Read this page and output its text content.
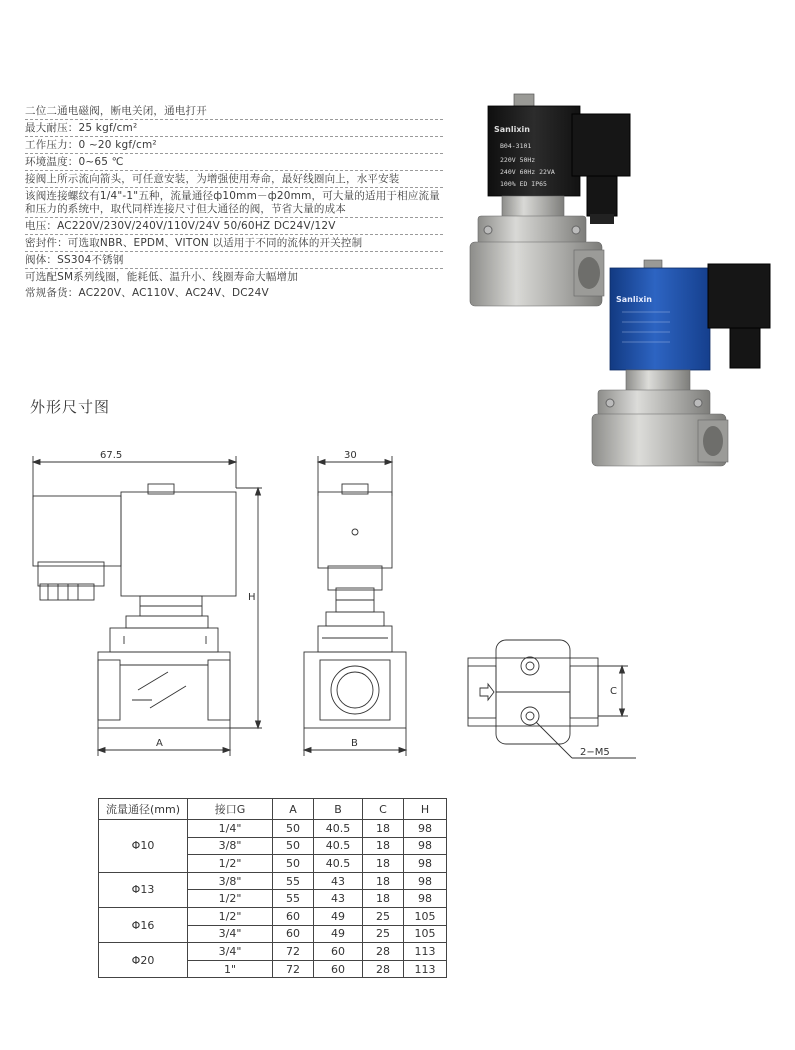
二位二通电磁阀，断电关闭，通电打开
最大耐压：25 kgf/cm²
工作压力：0 ~20 kgf/cm²
环境温度：0~65 ℃
接阀上所示流向箭头，可任意安装，为增强使用寿命，最好线圈向上，水平安装
该阀连接螺纹有1/4"-1"五种，流量通径ф10mm－ф20mm，可大量的适用于相应流量和压力的系统中，取代同样连接尺寸但大通径的阀，节省大量的成本
电压：AC220V/230V/240V/110V/24V 50/60HZ DC24V/12V
密封件：可选取NBR、EPDM、VITON 以适用于不同的流体的开关控制
阀体：SS304不锈钢
可选配SM系列线圈，能耗低、温升小、线圈寿命大幅增加
常规备货：AC220V、AC110V、AC24V、DC24V
Sanlixin
B04-3101
220V 50Hz
240V 60Hz 22VA
100% ED IP65
Sanlixin
外形尺寸图
67.5
H
A
30
B
C
2−M5
流量通径(mm)	接口G	A	B	C	H
Φ10	1/4"	50	40.5	18	98
	3/8"	50	40.5	18	98
	1/2"	50	40.5	18	98
Φ13	3/8"	55	43	18	98
	1/2"	55	43	18	98
Φ16	1/2"	60	49	25	105
	3/4"	60	49	25	105
Φ20	3/4"	72	60	28	113
	1"	72	60	28	113
